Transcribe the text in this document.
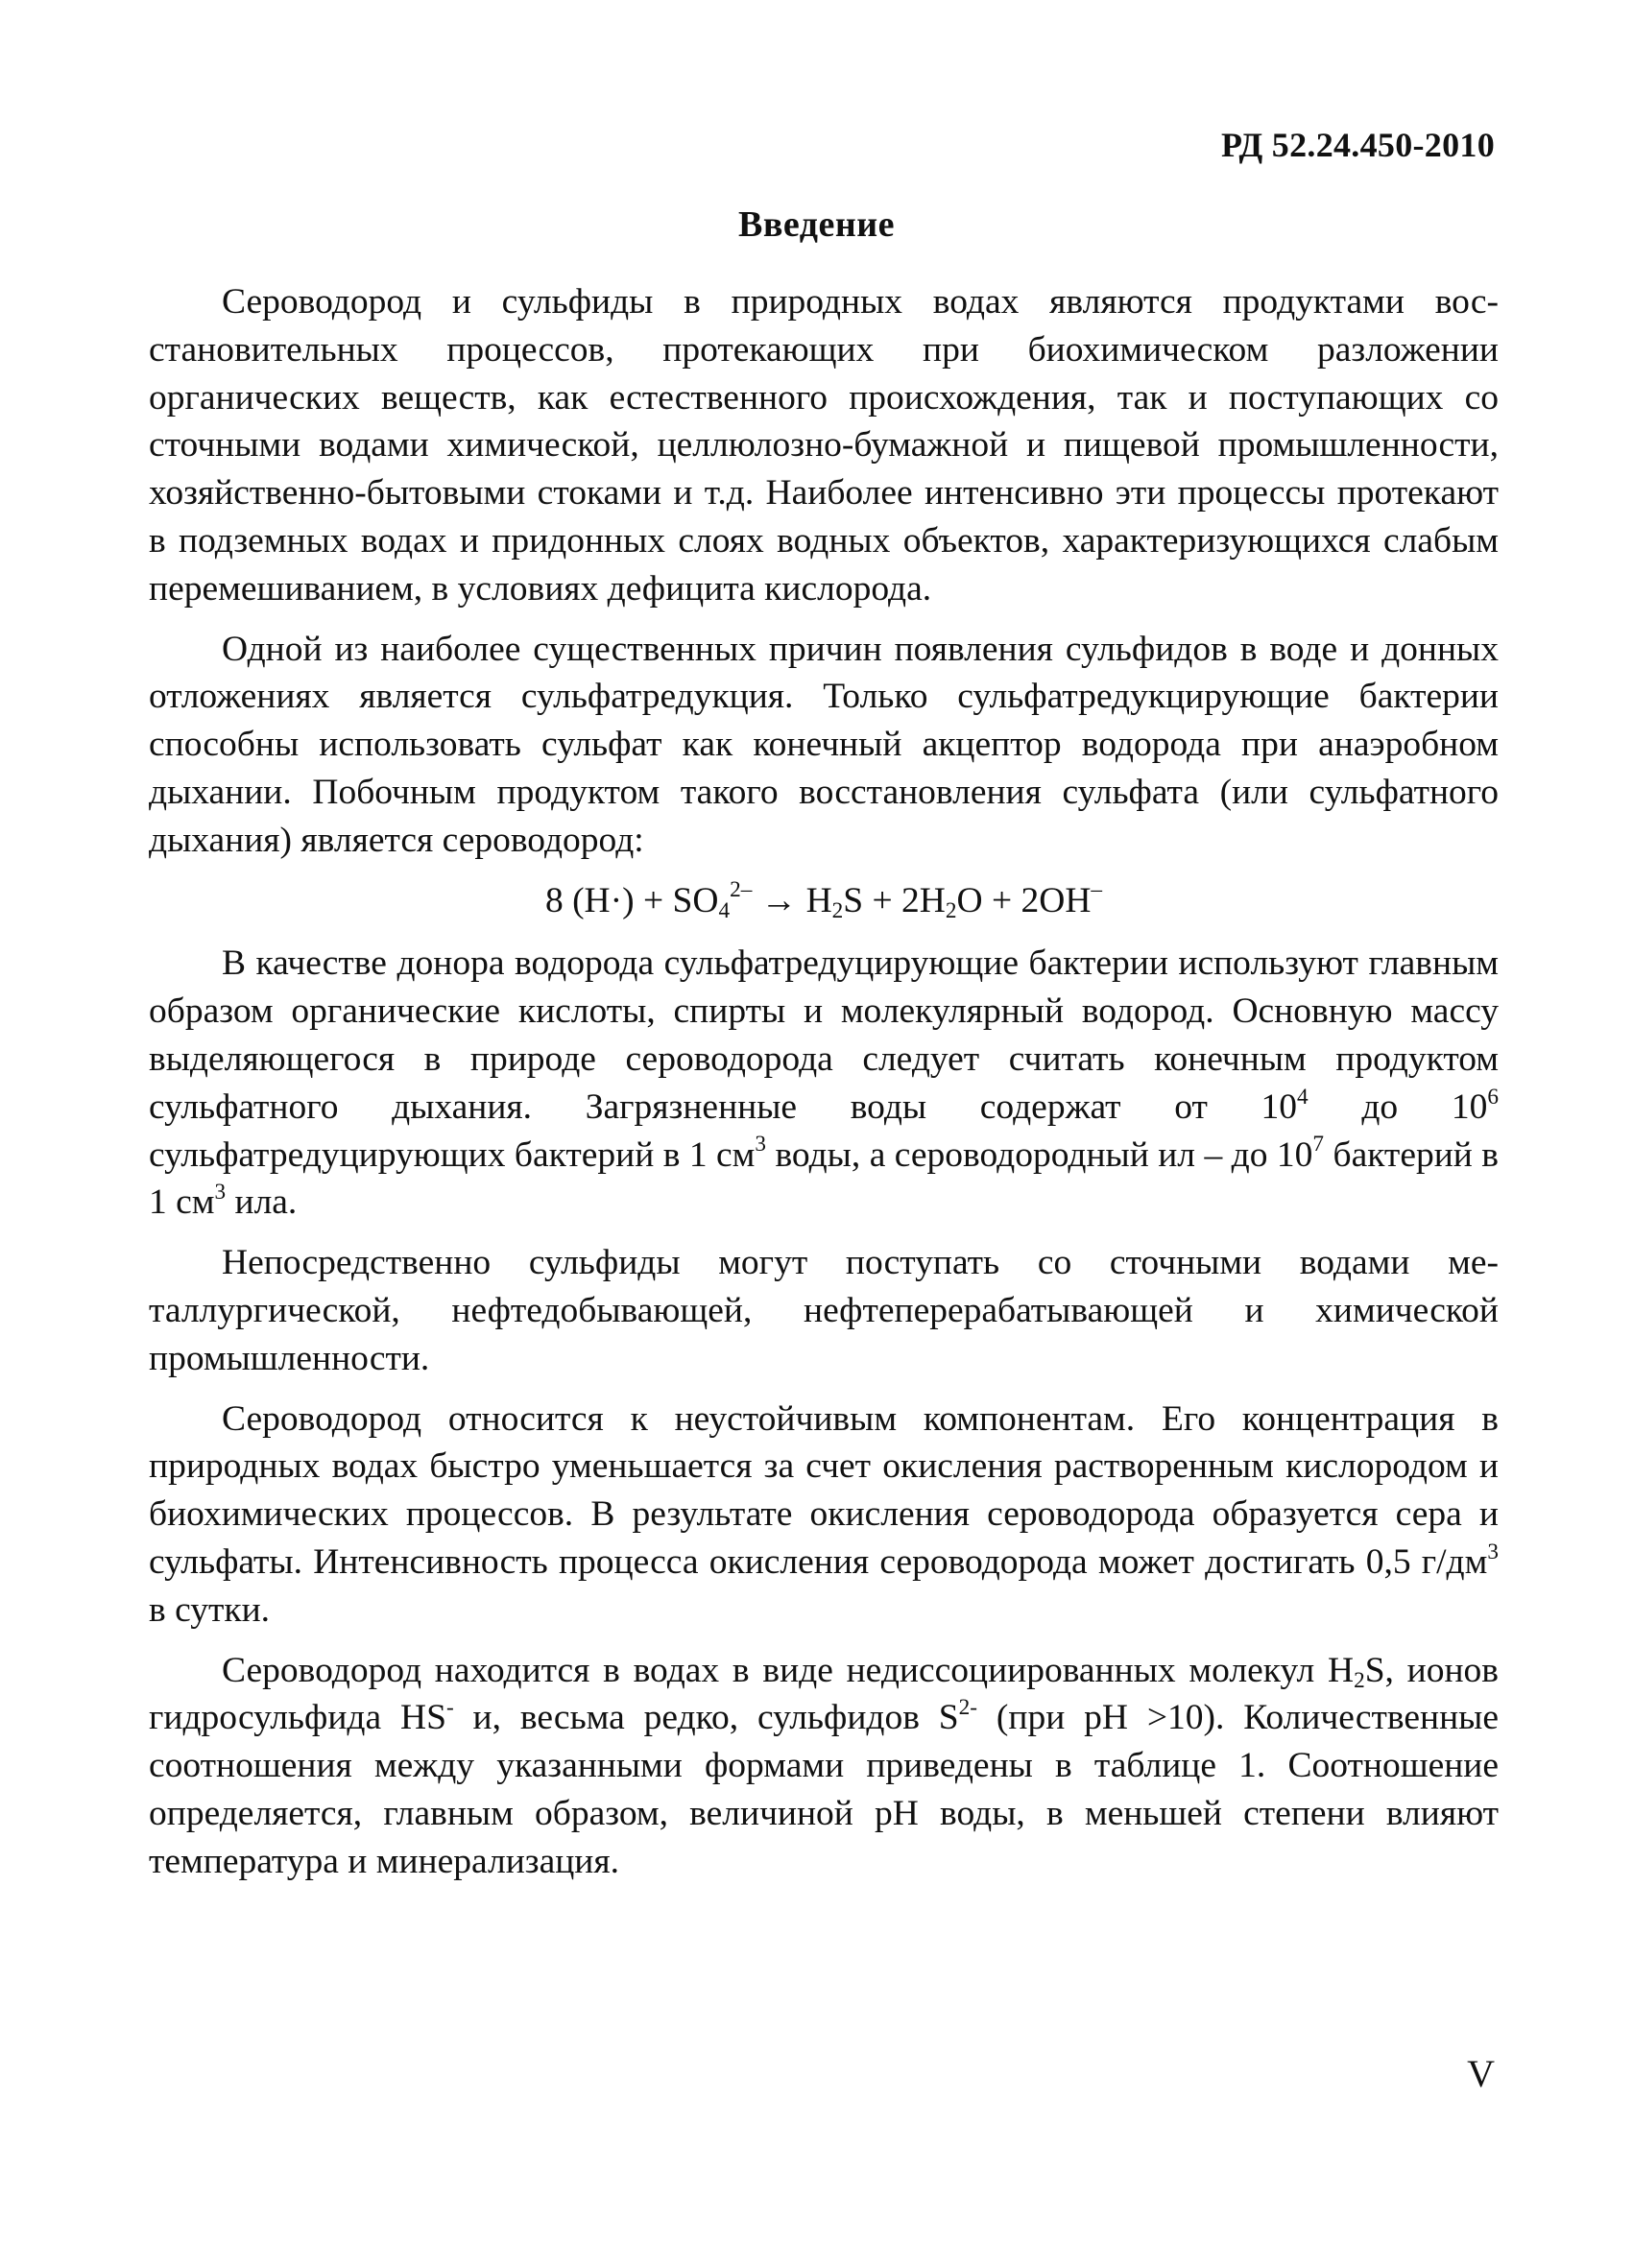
РД 52.24.450-2010
Введение

Сероводород и сульфиды в природных водах являются продуктами восстановительных процессов, протекающих при биохимическом разложении органических веществ, как естественного происхождения, так и поступающих со сточными водами химической, целлюлозно-бумажной и пищевой промышленности, хозяйственно-бытовыми стоками и т.д. Наиболее интенсивно эти процессы протекают в подземных водах и придонных слоях водных объектов, характеризующихся слабым перемешиванием, в условиях дефицита кислорода.

Одной из наиболее существенных причин появления сульфидов в воде и донных отложениях является сульфатредукция. Только сульфатредукцирующие бактерии способны использовать сульфат как конечный акцептор водорода при анаэробном дыхании. Побочным продуктом такого восстановления сульфата (или сульфатного дыхания) является сероводород:

8 $(H\cdot) + SO_4^{2-} \to H_2S + 2H_2O + 2OH^-$

В качестве донора водорода сульфатредуцирующие бактерии используют главным образом органические кислоты, спирты и молекулярный водород. Основную массу выделяющегося в природе сероводорода следует считать конечным продуктом сульфатного дыхания. Загрязненные воды содержат от $10^4$ до $10^6$ сульфатредуцирующих бактерий в 1 $см^3$ воды, а сероводородный ил – до $10^7$ бактерий в 1 $см^3$ ила.

Непосредственно сульфиды могут поступать со сточными водами металлургической, нефтедобывающей, нефтеперерабатывающей и химической промышленности.

Сероводород относится к неустойчивым компонентам. Его концентрация в природных водах быстро уменьшается за счет окисления растворенным кислородом и биохимических процессов. В результате окисления сероводорода образуется сера и сульфаты. Интенсивность процесса окисления сероводорода может достигать 0,5 $г/дм^3$ в сутки.

Сероводород находится в водах в виде недиссоциированных молекул $H_2S$, ионов гидросульфида HS- и, весьма редко, сульфидов $S^{2-}$ (при pH >10). Количественные соотношения между указанными формами приведены в таблице 1. Соотношение определяется, главным образом, величиной pH воды, в меньшей степени влияют температура и минерализация.

V
